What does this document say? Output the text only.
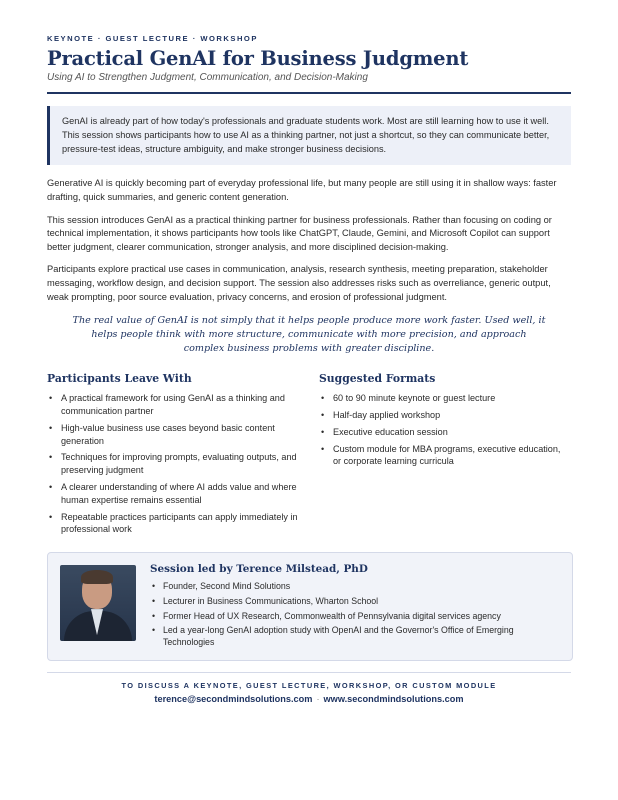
KEYNOTE · GUEST LECTURE · WORKSHOP
Practical GenAI for Business Judgment
Using AI to Strengthen Judgment, Communication, and Decision-Making
GenAI is already part of how today's professionals and graduate students work. Most are still learning how to use it well. This session shows participants how to use AI as a thinking partner, not just a shortcut, so they can communicate better, pressure-test ideas, structure ambiguity, and make stronger business decisions.
Generative AI is quickly becoming part of everyday professional life, but many people are still using it in shallow ways: faster drafting, quick summaries, and generic content generation.
This session introduces GenAI as a practical thinking partner for business professionals. Rather than focusing on coding or technical implementation, it shows participants how tools like ChatGPT, Claude, Gemini, and Microsoft Copilot can support better judgment, clearer communication, stronger analysis, and more disciplined decision-making.
Participants explore practical use cases in communication, analysis, research synthesis, meeting preparation, stakeholder messaging, workflow design, and decision support. The session also addresses risks such as overreliance, generic output, weak prompting, poor source evaluation, privacy concerns, and erosion of professional judgment.
The real value of GenAI is not simply that it helps people produce more work faster. Used well, it helps people think with more structure, communicate with more precision, and approach complex business problems with greater discipline.
Participants Leave With
• A practical framework for using GenAI as a thinking and communication partner
• High-value business use cases beyond basic content generation
• Techniques for improving prompts, evaluating outputs, and preserving judgment
• A clearer understanding of where AI adds value and where human expertise remains essential
• Repeatable practices participants can apply immediately in professional work
Suggested Formats
• 60 to 90 minute keynote or guest lecture
• Half-day applied workshop
• Executive education session
• Custom module for MBA programs, executive education, or corporate learning curricula
Session led by Terence Milstead, PhD
• Founder, Second Mind Solutions
• Lecturer in Business Communications, Wharton School
• Former Head of UX Research, Commonwealth of Pennsylvania digital services agency
• Led a year-long GenAI adoption study with OpenAI and the Governor's Office of Emerging Technologies
TO DISCUSS A KEYNOTE, GUEST LECTURE, WORKSHOP, OR CUSTOM MODULE
terence@secondmindsolutions.com · www.secondmindsolutions.com
